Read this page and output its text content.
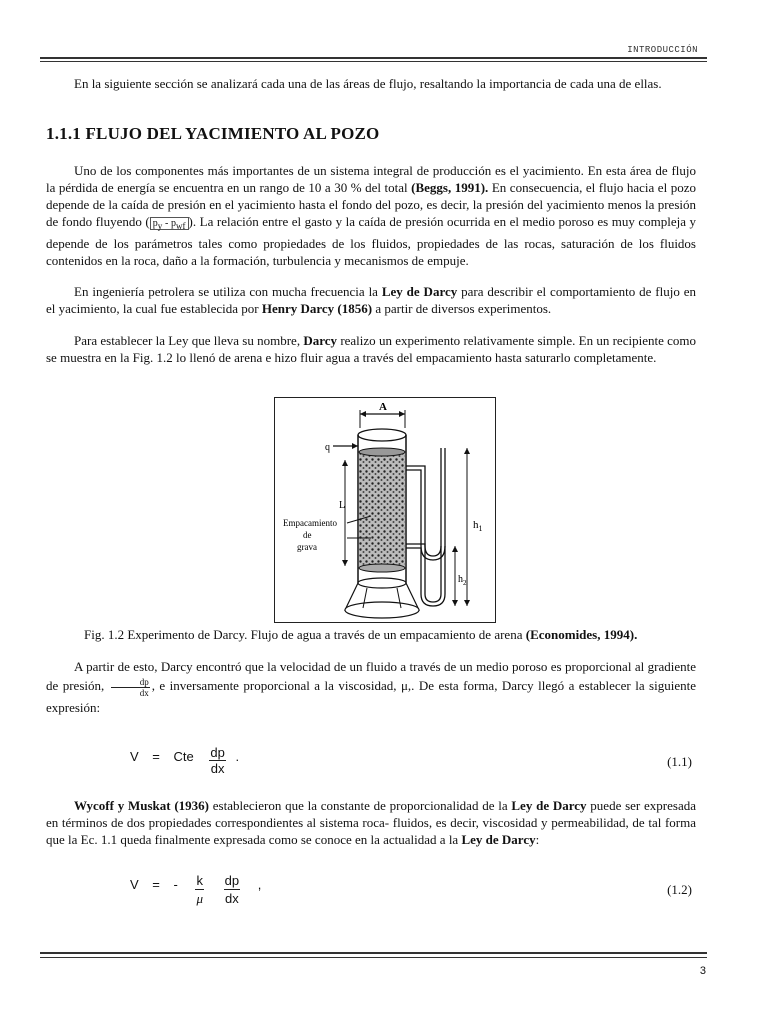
INTRODUCCIÓN
En la siguiente sección se analizará cada una de las áreas de flujo, resaltando la importancia de cada una de ellas.
1.1.1 FLUJO DEL YACIMIENTO AL POZO
Uno de los componentes más importantes de un sistema integral de producción es el yacimiento. En esta área de flujo la pérdida de energía se encuentra en un rango de 10 a 30 % del total (Beggs, 1991). En consecuencia, el flujo hacia el pozo depende de la caída de presión en el yacimiento hasta el fondo del pozo, es decir, la presión del yacimiento menos la presión de fondo fluyendo ( py - pwf ). La relación entre el gasto y la caída de presión ocurrida en el medio poroso es muy compleja y depende de los parámetros tales como propiedades de los fluidos, propiedades de las rocas, saturación de los fluidos contenidos en la roca, daño a la formación, turbulencia y mecanismos de empuje.
En ingeniería petrolera se utiliza con mucha frecuencia la Ley de Darcy para describir el comportamiento de flujo en el yacimiento, la cual fue establecida por Henry Darcy (1856) a partir de diversos experimentos.
Para establecer la Ley que lleva su nombre, Darcy realizo un experimento relativamente simple. En un recipiente como se muestra en la Fig. 1.2 lo llenó de arena e hizo fluir agua a través del empacamiento hasta saturarlo completamente.
A
q
L
Empacamiento
de
grava
$h_1$
$h_2$
Fig. 1.2 Experimento de Darcy. Flujo de agua a través de un empacamiento de arena (Economides, 1994).
A partir de esto, Darcy encontró que la velocidad de un fluido a través de un medio poroso es proporcional al gradiente de presión, $\frac{dp}{dx}$ , e inversamente proporcional a la viscosidad, μ,. De esta forma, Darcy llegó a establecer la siguiente expresión:
V = Cte $\frac{dp}{dx}$ .	(1.1)
Wycoff y Muskat (1936) establecieron que la constante de proporcionalidad de la Ley de Darcy puede ser expresada en términos de dos propiedades correspondientes al sistema roca- fluidos, es decir, viscosidad y permeabilidad, de tal forma que la Ec. 1.1 queda finalmente expresada como se conoce en la actualidad a la Ley de Darcy:
V = - $\frac{k}{\mu}$
$\frac{dp}{dx}$ ,	(1.2)
3
